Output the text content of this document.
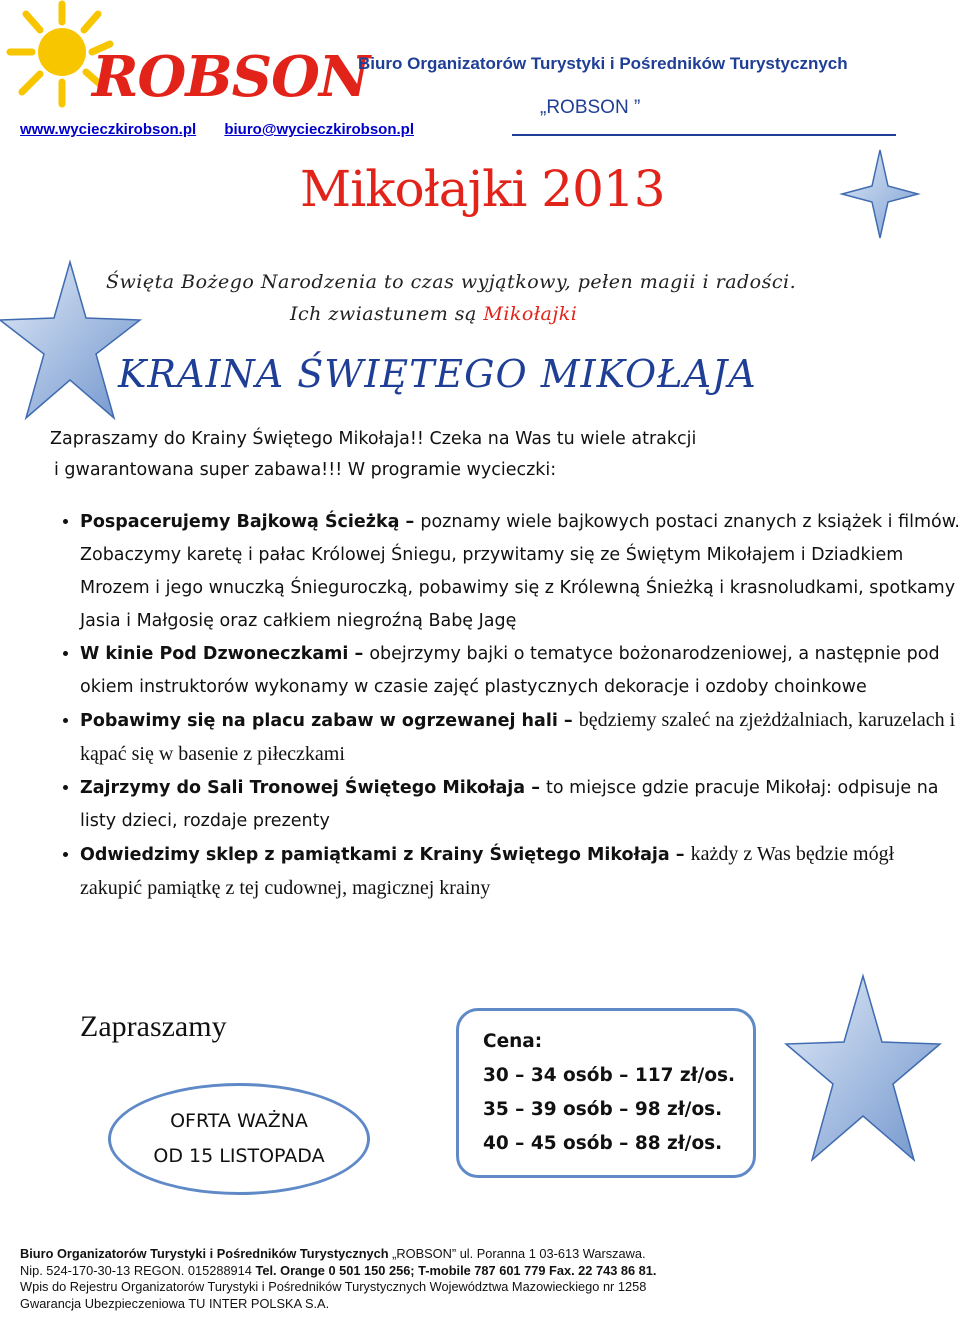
ROBSON
Biuro Organizatorów Turystyki i Pośredników Turystycznych
„ROBSON ”
www.wycieczkirobson.pl biuro@wycieczkirobson.pl
Mikołajki 2013
Święta Bożego Narodzenia to czas wyjątkowy, pełen magii i radości.
Ich zwiastunem są Mikołajki
KRAINA ŚWIĘTEGO MIKOŁAJA
Zapraszamy do Krainy Świętego Mikołaja!! Czeka na Was tu wiele atrakcji
i gwarantowana super zabawa!!! W programie wycieczki:
• Pospacerujemy Bajkową Ścieżką – poznamy wiele bajkowych postaci znanych z książek i filmów. Zobaczymy karetę i pałac Królowej Śniegu, przywitamy się ze Świętym Mikołajem i Dziadkiem Mrozem i jego wnuczką Śnieguroczką, pobawimy się z Królewną Śnieżką i krasnoludkami, spotkamy Jasia i Małgosię oraz całkiem niegroźną Babę Jagę
• W kinie Pod Dzwoneczkami – obejrzymy bajki o tematyce bożonarodzeniowej, a następnie pod okiem instruktorów wykonamy w czasie zajęć plastycznych dekoracje i ozdoby choinkowe
• Pobawimy się na placu zabaw w ogrzewanej hali – będziemy szaleć na zjeżdżalniach, karuzelach i kąpać się w basenie z piłeczkami
• Zajrzymy do Sali Tronowej Świętego Mikołaja – to miejsce gdzie pracuje Mikołaj: odpisuje na listy dzieci, rozdaje prezenty
• Odwiedzimy sklep z pamiątkami z Krainy Świętego Mikołaja – każdy z Was będzie mógł zakupić pamiątkę z tej cudownej, magicznej krainy
Zapraszamy
OFRTA WAŻNA
OD 15 LISTOPADA
Cena:
30 – 34 osób – 117 zł/os.
35 – 39 osób – 98 zł/os.
40 – 45 osób – 88 zł/os.
Biuro Organizatorów Turystyki i Pośredników Turystycznych „ROBSON” ul. Poranna 1 03-613 Warszawa.
Nip. 524-170-30-13 REGON. 015288914 Tel. Orange 0 501 150 256; T-mobile 787 601 779 Fax. 22 743 86 81.
Wpis do Rejestru Organizatorów Turystyki i Pośredników Turystycznych Województwa Mazowieckiego nr 1258
Gwarancja Ubezpieczeniowa TU INTER POLSKA S.A.
